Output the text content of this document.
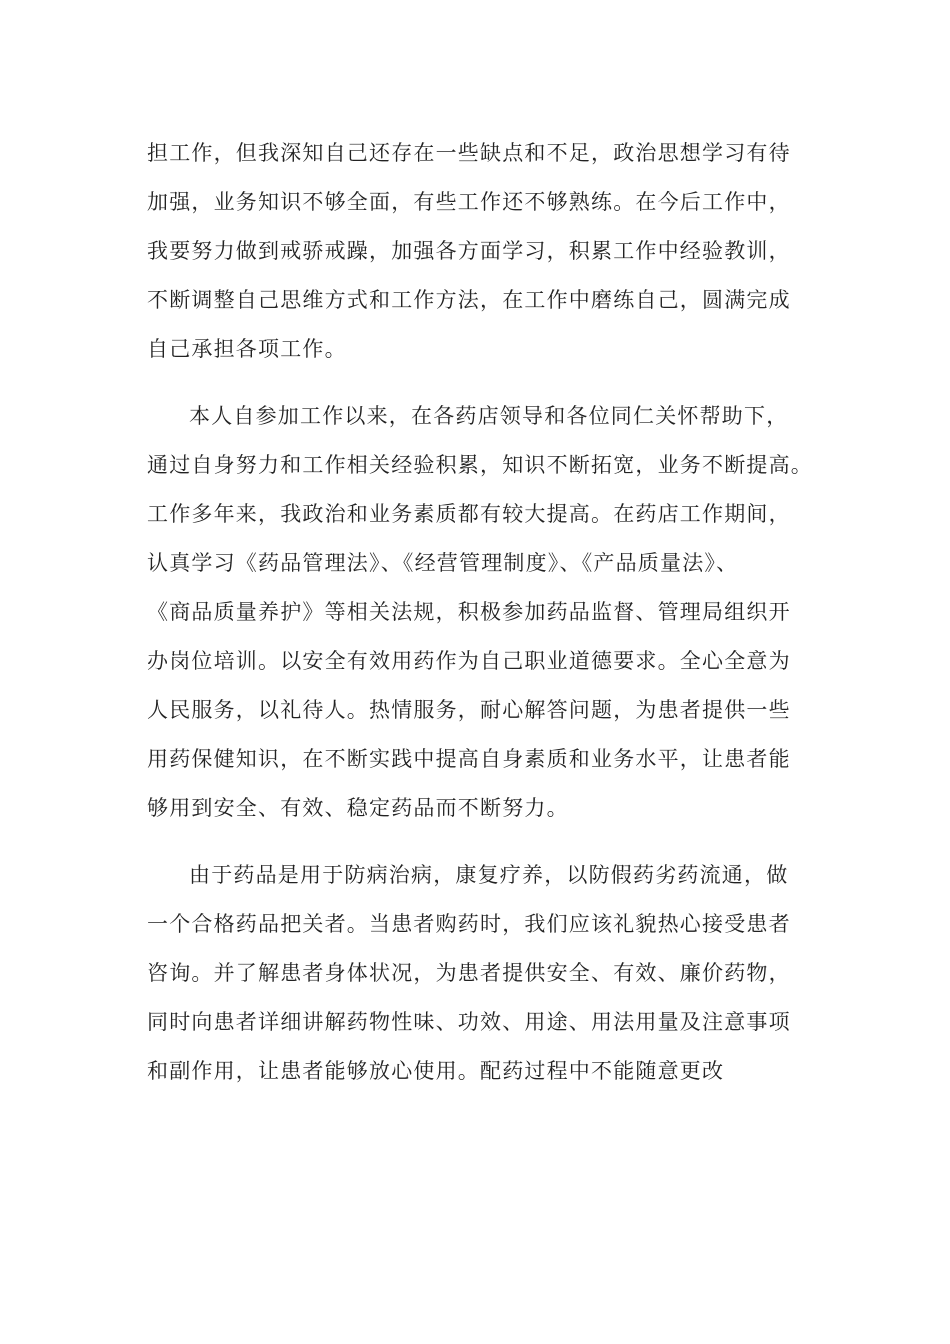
担工作，但我深知自己还存在一些缺点和不足，政治思想学习有待
加强，业务知识不够全面，有些工作还不够熟练。在今后工作中，
我要努力做到戒骄戒躁，加强各方面学习，积累工作中经验教训，
不断调整自己思维方式和工作方法，在工作中磨练自己，圆满完成
自己承担各项工作。
本人自参加工作以来，在各药店领导和各位同仁关怀帮助下，
通过自身努力和工作相关经验积累，知识不断拓宽，业务不断提高。
工作多年来，我政治和业务素质都有较大提高。在药店工作期间，
认真学习《药品管理法》、《经营管理制度》、《产品质量法》、
《商品质量养护》等相关法规，积极参加药品监督、管理局组织开
办岗位培训。以安全有效用药作为自己职业道德要求。全心全意为
人民服务，以礼待人。热情服务，耐心解答问题，为患者提供一些
用药保健知识，在不断实践中提高自身素质和业务水平，让患者能
够用到安全、有效、稳定药品而不断努力。
由于药品是用于防病治病，康复疗养，以防假药劣药流通，做
一个合格药品把关者。当患者购药时，我们应该礼貌热心接受患者
咨询。并了解患者身体状况，为患者提供安全、有效、廉价药物，
同时向患者详细讲解药物性味、功效、用途、用法用量及注意事项
和副作用，让患者能够放心使用。配药过程中不能随意更改
